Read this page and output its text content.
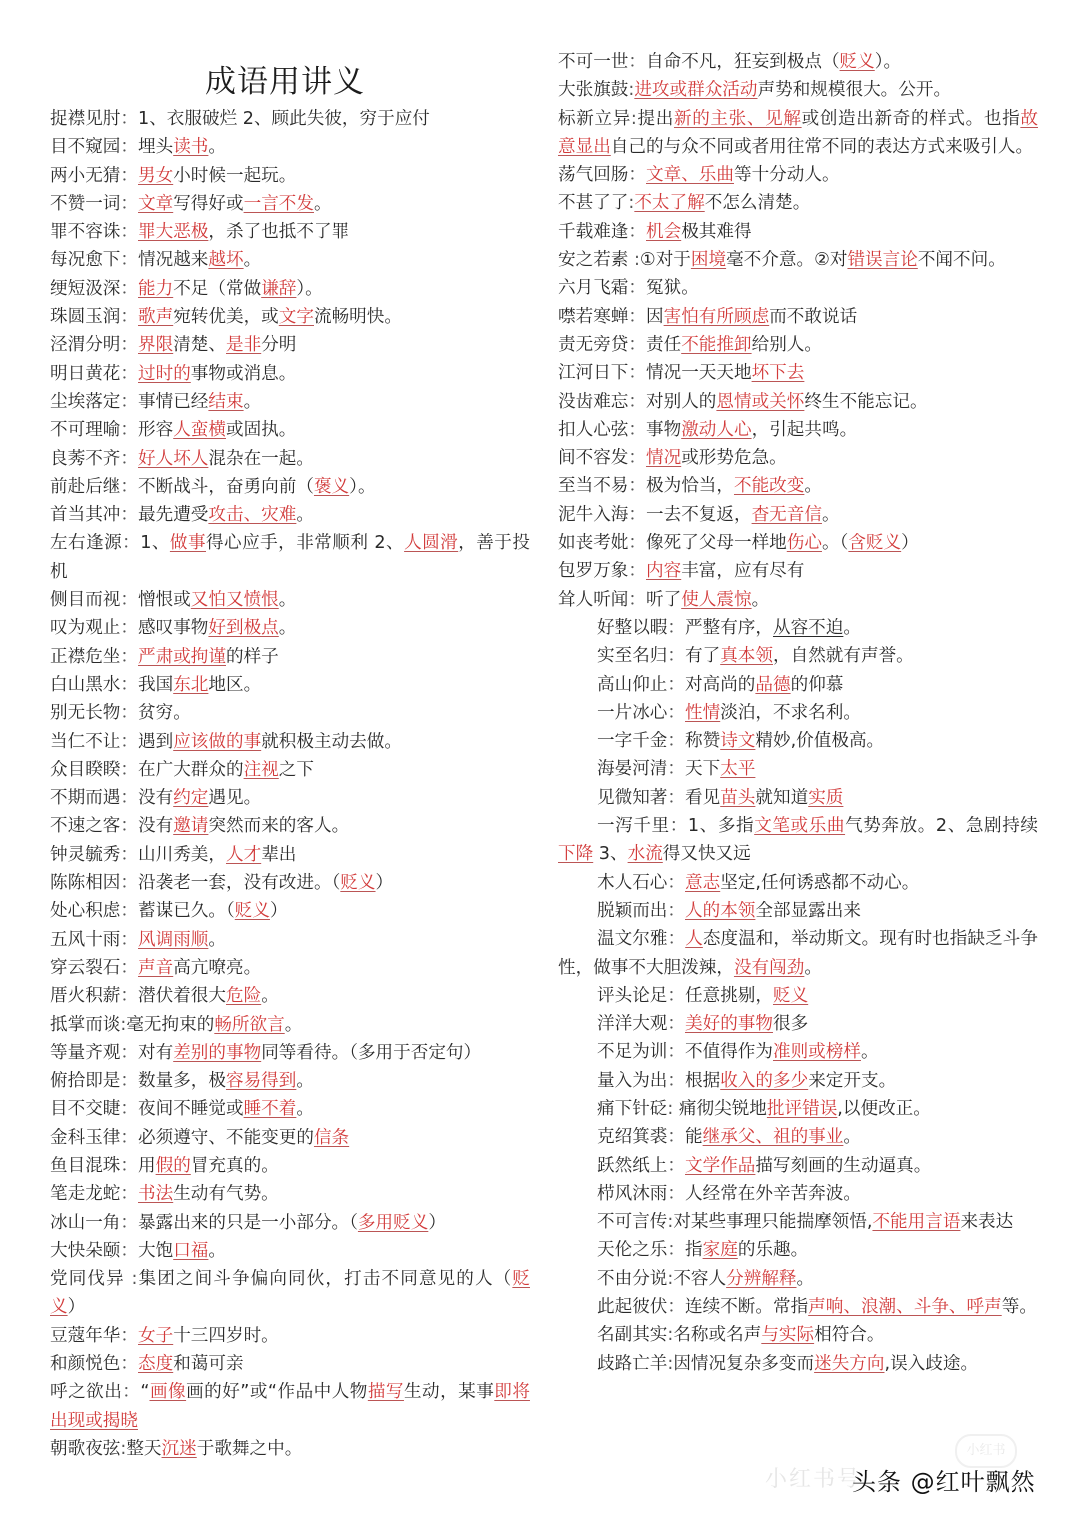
成语用讲义
捉襟见肘：1、衣服破烂 2、顾此失彼，穷于应付
目不窥园：埋头读书。
两小无猜：男女小时候一起玩。
不赞一词：文章写得好或一言不发。
罪不容诛：罪大恶极，杀了也抵不了罪
每况愈下：情况越来越坏。
绠短汲深：能力不足（常做谦辞）。
珠圆玉润：歌声宛转优美，或文字流畅明快。
泾渭分明：界限清楚、是非分明
明日黄花：过时的事物或消息。
尘埃落定：事情已经结束。
不可理喻：形容人蛮横或固执。
良莠不齐：好人坏人混杂在一起。
前赴后继：不断战斗，奋勇向前（褒义）。
首当其冲：最先遭受攻击、灾难。
左右逢源：1、做事得心应手，非常顺利 2、人圆滑，善于投机
侧目而视：憎恨或又怕又愤恨。
叹为观止：感叹事物好到极点。
正襟危坐：严肃或拘谨的样子
白山黑水：我国东北地区。
别无长物：贫穷。
当仁不让：遇到应该做的事就积极主动去做。
众目睽睽：在广大群众的注视之下
不期而遇：没有约定遇见。
不速之客：没有邀请突然而来的客人。
钟灵毓秀：山川秀美，人才辈出
陈陈相因：沿袭老一套，没有改进。（贬义）
处心积虑：蓄谋已久。（贬义）
五风十雨：风调雨顺。
穿云裂石：声音高亢嘹亮。
厝火积薪：潜伏着很大危险。
抵掌而谈:毫无拘束的畅所欲言。
等量齐观：对有差别的事物同等看待。（多用于否定句）
俯拾即是：数量多，极容易得到。
目不交睫：夜间不睡觉或睡不着。
金科玉律：必须遵守、不能变更的信条
鱼目混珠：用假的冒充真的。
笔走龙蛇：书法生动有气势。
冰山一角：暴露出来的只是一小部分。（多用贬义）
大快朵颐：大饱口福。
党同伐异 :集团之间斗争偏向同伙，打击不同意见的人（贬义）
豆蔻年华：女子十三四岁时。
和颜悦色：态度和蔼可亲
呼之欲出：“画像画的好”或“作品中人物描写生动，某事即将出现或揭晓
朝歌夜弦:整天沉迷于歌舞之中。
不可一世：自命不凡，狂妄到极点（贬义）。
大张旗鼓:进攻或群众活动声势和规模很大。公开。
标新立异:提出新的主张、见解或创造出新奇的样式。也指故意显出自己的与众不同或者用往常不同的表达方式来吸引人。
荡气回肠：文章、乐曲等十分动人。
不甚了了:不太了解不怎么清楚。
千载难逢：机会极其难得
安之若素 :①对于困境毫不介意。②对错误言论不闻不问。
六月飞霜：冤狱。
噤若寒蝉：因害怕有所顾虑而不敢说话
责无旁贷：责任不能推卸给别人。
江河日下：情况一天天地坏下去
没齿难忘：对别人的恩情或关怀终生不能忘记。
扣人心弦：事物激动人心，引起共鸣。
间不容发：情况或形势危急。
至当不易：极为恰当，不能改变。
泥牛入海：一去不复返，杳无音信。
如丧考妣：像死了父母一样地伤心。（含贬义）
包罗万象：内容丰富，应有尽有
耸人听闻：听了使人震惊。
好整以暇：严整有序，从容不迫。
实至名归：有了真本领，自然就有声誉。
高山仰止：对高尚的品德的仰慕
一片冰心：性情淡泊，不求名利。
一字千金：称赞诗文精妙,价值极高。
海晏河清：天下太平
见微知著：看见苗头就知道实质
一泻千里：1、多指文笔或乐曲气势奔放。2、急剧持续下降 3、水流得又快又远
木人石心：意志坚定,任何诱惑都不动心。
脱颖而出：人的本领全部显露出来
温文尔雅：人态度温和，举动斯文。现有时也指缺乏斗争性，做事不大胆泼辣，没有闯劲。
评头论足：任意挑剔，贬义
洋洋大观：美好的事物很多
不足为训：不值得作为准则或榜样。
量入为出：根据收入的多少来定开支。
痛下针砭: 痛彻尖锐地批评错误,以便改正。
克绍箕裘：能继承父、祖的事业。
跃然纸上：文学作品描写刻画的生动逼真。
栉风沐雨：人经常在外辛苦奔波。
不可言传:对某些事理只能揣摩领悟,不能用言语来表达
天伦之乐：指家庭的乐趣。
不由分说:不容人分辨解释。
此起彼伏：连续不断。常指声响、浪潮、斗争、呼声等。
名副其实:名称或名声与实际相符合。
歧路亡羊:因情况复杂多变而迷失方向,误入歧途。
小红书
小红书号
头条 @红叶飘然
